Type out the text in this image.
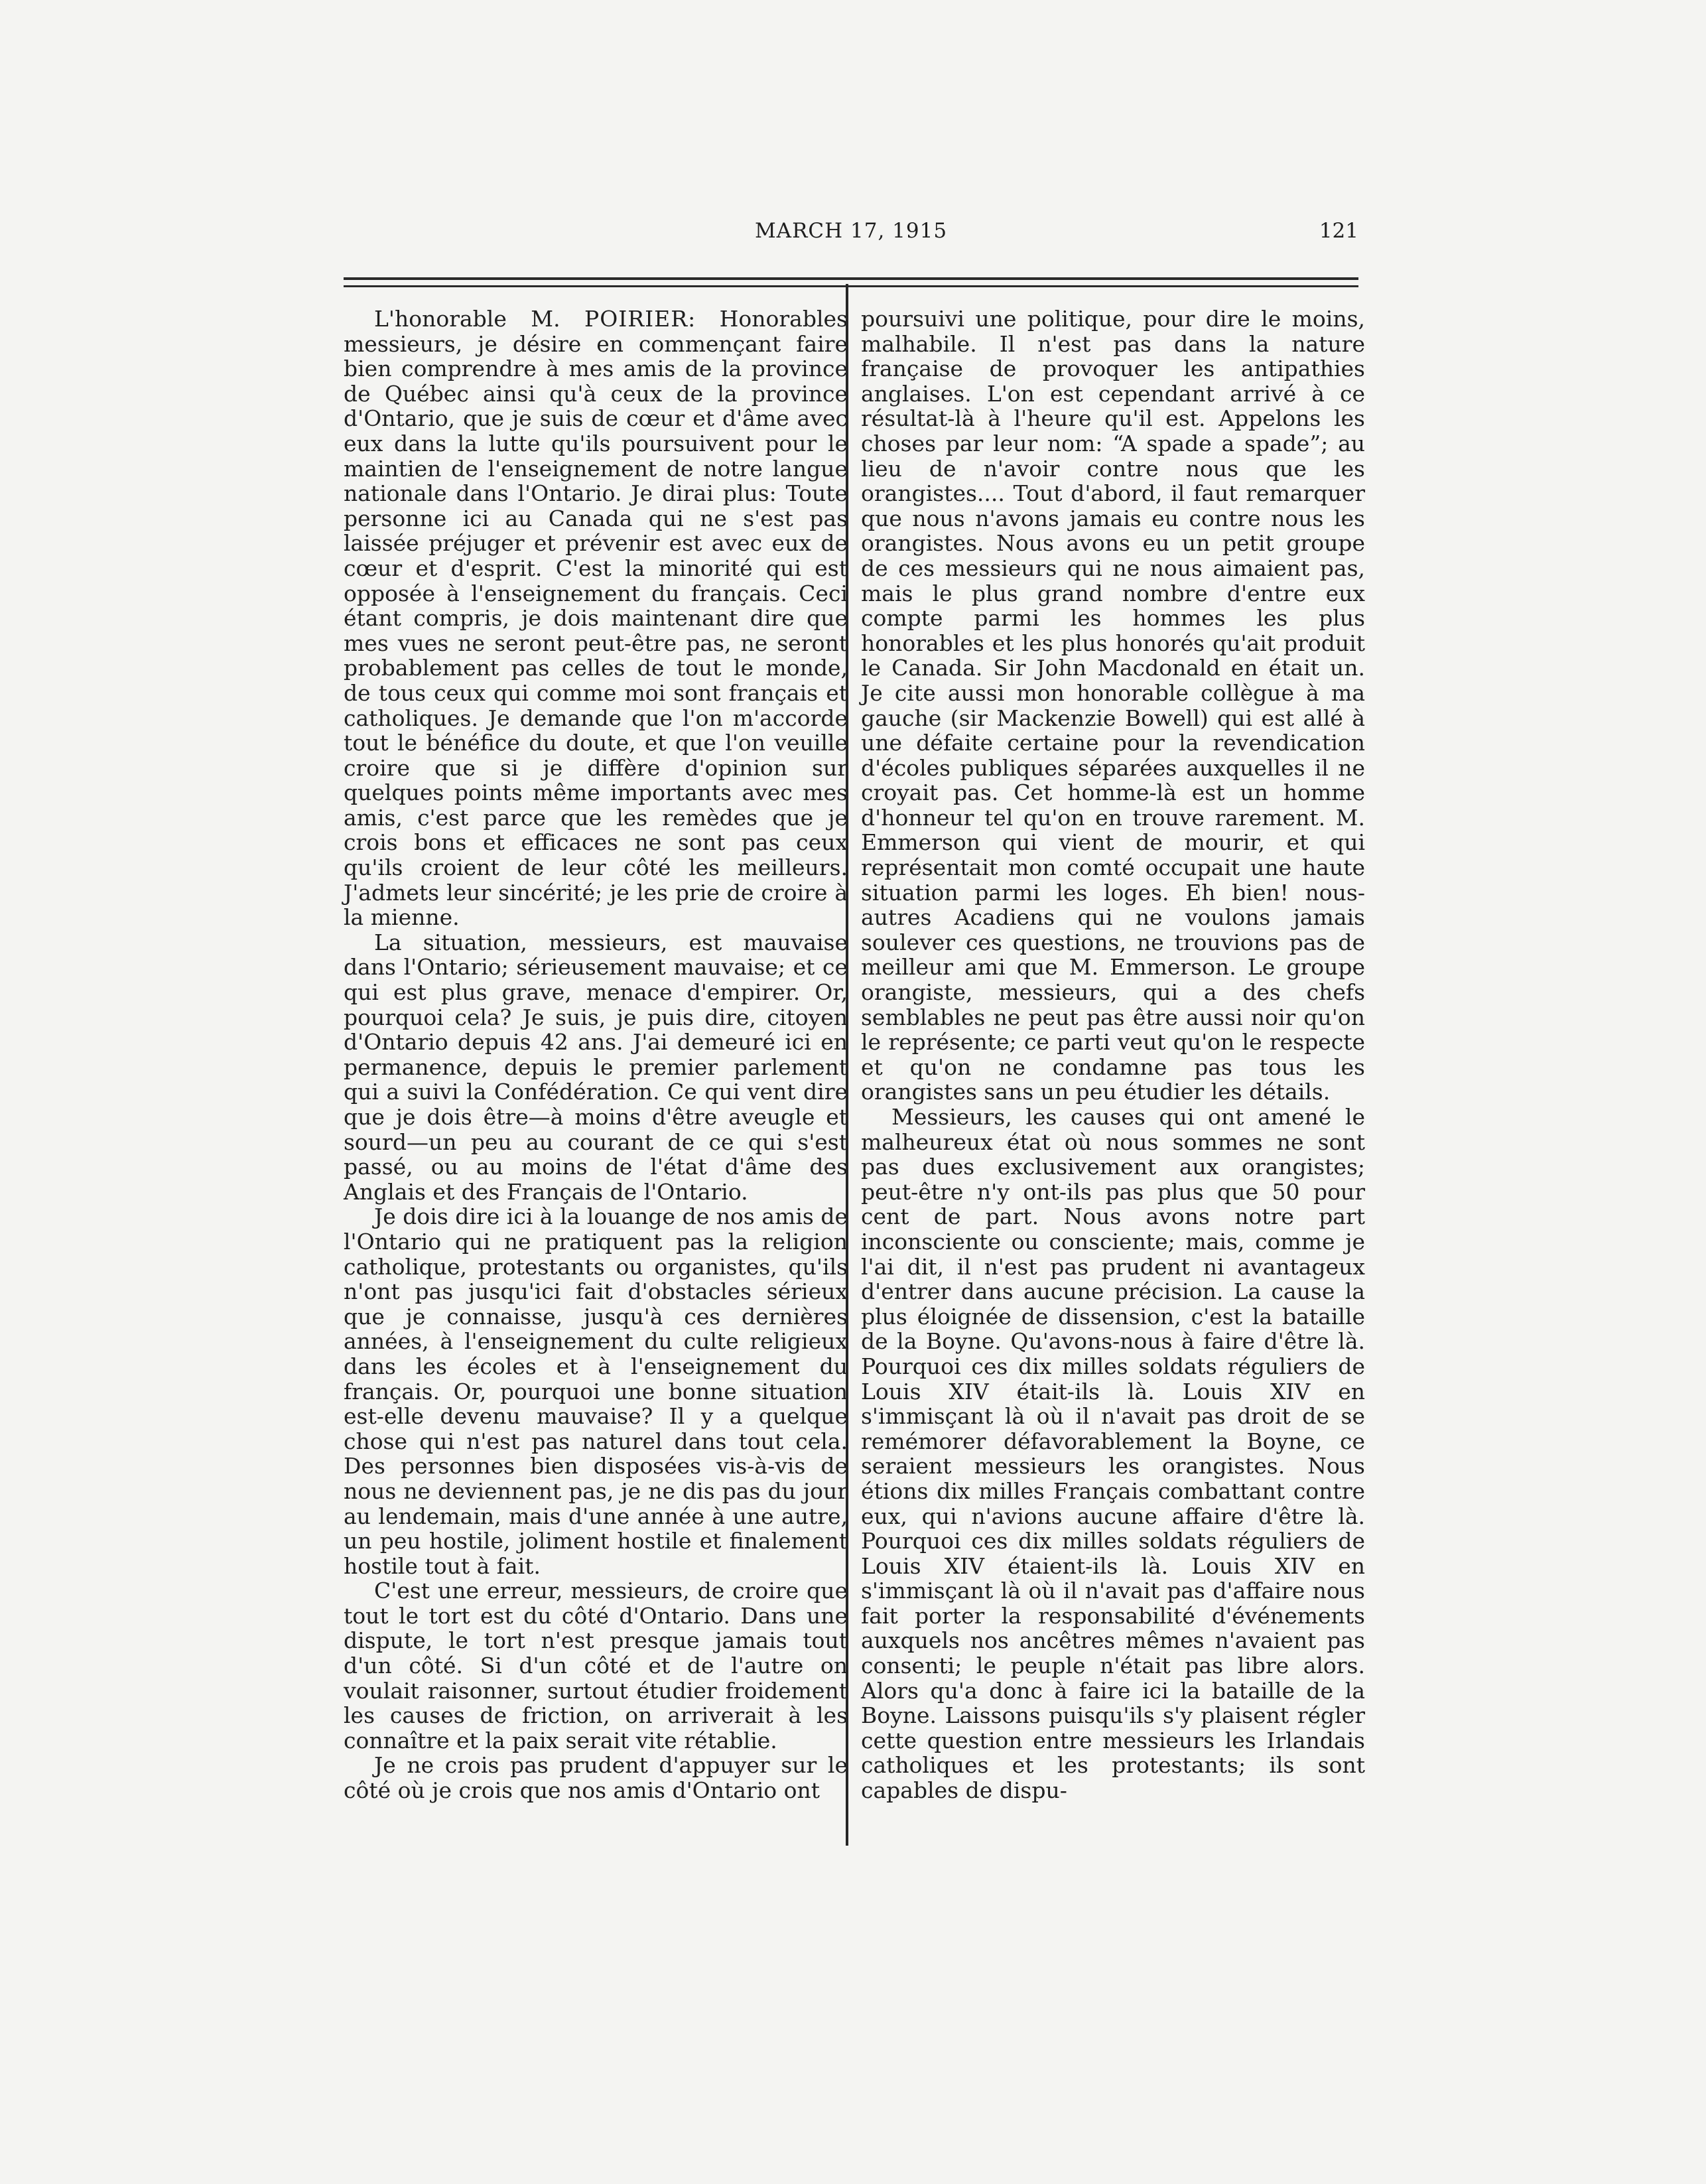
MARCH 17, 1915	121

L'honorable M. POIRIER: Honorables messieurs, je désire en commençant faire bien comprendre à mes amis de la province de Québec ainsi qu'à ceux de la province d'Ontario, que je suis de cœur et d'âme avec eux dans la lutte qu'ils poursuivent pour le maintien de l'enseignement de notre langue nationale dans l'Ontario. Je dirai plus: Toute personne ici au Canada qui ne s'est pas laissée préjuger et prévenir est avec eux de cœur et d'esprit. C'est la minorité qui est opposée à l'enseignement du français. Ceci étant compris, je dois maintenant dire que mes vues ne seront peut-être pas, ne seront probablement pas celles de tout le monde, de tous ceux qui comme moi sont français et catholiques. Je demande que l'on m'accorde tout le bénéfice du doute, et que l'on veuille croire que si je diffère d'opinion sur quelques points même importants avec mes amis, c'est parce que les remèdes que je crois bons et efficaces ne sont pas ceux qu'ils croient de leur côté les meilleurs. J'admets leur sincérité; je les prie de croire à la mienne.

La situation, messieurs, est mauvaise dans l'Ontario; sérieusement mauvaise; et ce qui est plus grave, menace d'empirer. Or, pourquoi cela? Je suis, je puis dire, citoyen d'Ontario depuis 42 ans. J'ai demeuré ici en permanence, depuis le premier parlement qui a suivi la Confédération. Ce qui vent dire que je dois être—à moins d'être aveugle et sourd—un peu au courant de ce qui s'est passé, ou au moins de l'état d'âme des Anglais et des Français de l'Ontario.

Je dois dire ici à la louange de nos amis de l'Ontario qui ne pratiquent pas la religion catholique, protestants ou organistes, qu'ils n'ont pas jusqu'ici fait d'obstacles sérieux que je connaisse, jusqu'à ces dernières années, à l'enseignement du culte religieux dans les écoles et à l'enseignement du français. Or, pourquoi une bonne situation est-elle devenu mauvaise? Il y a quelque chose qui n'est pas naturel dans tout cela. Des personnes bien disposées vis-à-vis de nous ne deviennent pas, je ne dis pas du jour au lendemain, mais d'une année à une autre, un peu hostile, joliment hostile et finalement hostile tout à fait.

C'est une erreur, messieurs, de croire que tout le tort est du côté d'Ontario. Dans une dispute, le tort n'est presque jamais tout d'un côté. Si d'un côté et de l'autre on voulait raisonner, surtout étudier froidement les causes de friction, on arriverait à les connaître et la paix serait vite rétablie.

Je ne crois pas prudent d'appuyer sur le côté où je crois que nos amis d'Ontario ont

poursuivi une politique, pour dire le moins, malhabile. Il n'est pas dans la nature française de provoquer les antipathies anglaises. L'on est cependant arrivé à ce résultat-là à l'heure qu'il est. Appelons les choses par leur nom: “A spade a spade”; au lieu de n'avoir contre nous que les orangistes.... Tout d'abord, il faut remarquer que nous n'avons jamais eu contre nous les orangistes. Nous avons eu un petit groupe de ces messieurs qui ne nous aimaient pas, mais le plus grand nombre d'entre eux compte parmi les hommes les plus honorables et les plus honorés qu'ait produit le Canada. Sir John Macdonald en était un. Je cite aussi mon honorable collègue à ma gauche (sir Mackenzie Bowell) qui est allé à une défaite certaine pour la revendication d'écoles publiques séparées auxquelles il ne croyait pas. Cet homme-là est un homme d'honneur tel qu'on en trouve rarement. M. Emmerson qui vient de mourir, et qui représentait mon comté occupait une haute situation parmi les loges. Eh bien! nous-autres Acadiens qui ne voulons jamais soulever ces questions, ne trouvions pas de meilleur ami que M. Emmerson. Le groupe orangiste, messieurs, qui a des chefs semblables ne peut pas être aussi noir qu'on le représente; ce parti veut qu'on le respecte et qu'on ne condamne pas tous les orangistes sans un peu étudier les détails.

Messieurs, les causes qui ont amené le malheureux état où nous sommes ne sont pas dues exclusivement aux orangistes; peut-être n'y ont-ils pas plus que 50 pour cent de part. Nous avons notre part inconsciente ou consciente; mais, comme je l'ai dit, il n'est pas prudent ni avantageux d'entrer dans aucune précision. La cause la plus éloignée de dissension, c'est la bataille de la Boyne. Qu'avons-nous à faire d'être là. Pourquoi ces dix milles soldats réguliers de Louis XIV était-ils là. Louis XIV en s'immisçant là où il n'avait pas droit de se remémorer défavorablement la Boyne, ce seraient messieurs les orangistes. Nous étions dix milles Français combattant contre eux, qui n'avions aucune affaire d'être là. Pourquoi ces dix milles soldats réguliers de Louis XIV étaient-ils là. Louis XIV en s'immisçant là où il n'avait pas d'affaire nous fait porter la responsabilité d'événements auxquels nos ancêtres mêmes n'avaient pas consenti; le peuple n'était pas libre alors. Alors qu'a donc à faire ici la bataille de la Boyne. Laissons puisqu'ils s'y plaisent régler cette question entre messieurs les Irlandais catholiques et les protestants; ils sont capables de dispu-
